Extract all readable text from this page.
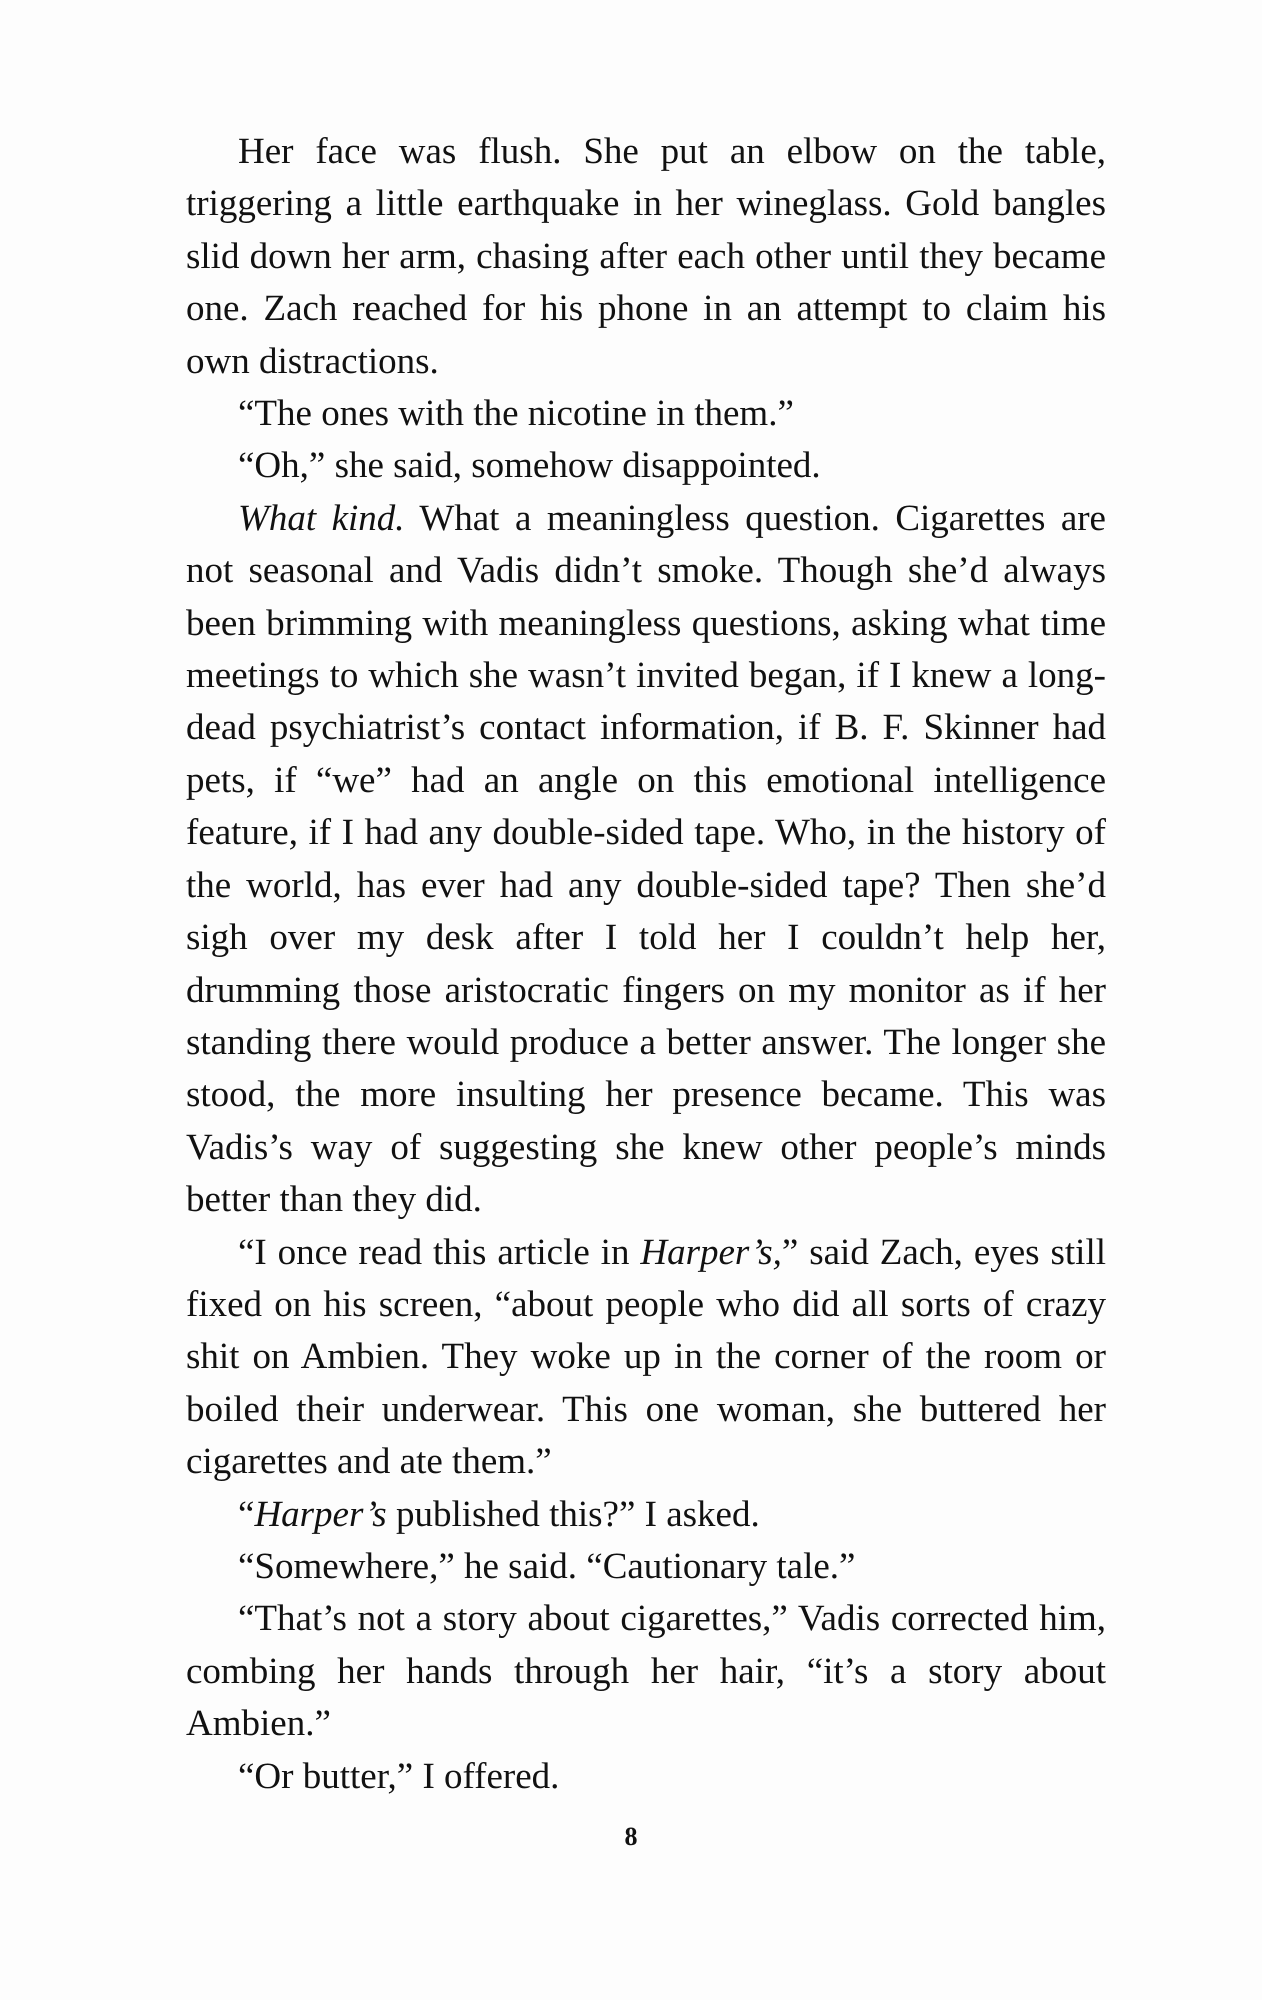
Her face was flush. She put an elbow on the table, triggering a little earthquake in her wineglass. Gold bangles slid down her arm, chasing after each other until they became one. Zach reached for his phone in an attempt to claim his own distractions.

“The ones with the nicotine in them.”

“Oh,” she said, somehow disappointed.

What kind. What a meaningless question. Cigarettes are not seasonal and Vadis didn’t smoke. Though she’d always been brimming with meaningless questions, asking what time meetings to which she wasn’t invited began, if I knew a long-dead psychiatrist’s contact information, if B. F. Skinner had pets, if “we” had an angle on this emotional intelligence feature, if I had any double-sided tape. Who, in the history of the world, has ever had any double-sided tape? Then she’d sigh over my desk after I told her I couldn’t help her, drumming those aristocratic fingers on my monitor as if her standing there would produce a better answer. The longer she stood, the more insulting her presence became. This was Vadis’s way of suggesting she knew other people’s minds better than they did.

“I once read this article in Harper’s,” said Zach, eyes still fixed on his screen, “about people who did all sorts of crazy shit on Ambien. They woke up in the corner of the room or boiled their underwear. This one woman, she buttered her cigarettes and ate them.”

“Harper’s published this?” I asked.

“Somewhere,” he said. “Cautionary tale.”

“That’s not a story about cigarettes,” Vadis corrected him, combing her hands through her hair, “it’s a story about Ambien.”

“Or butter,” I offered.

8
